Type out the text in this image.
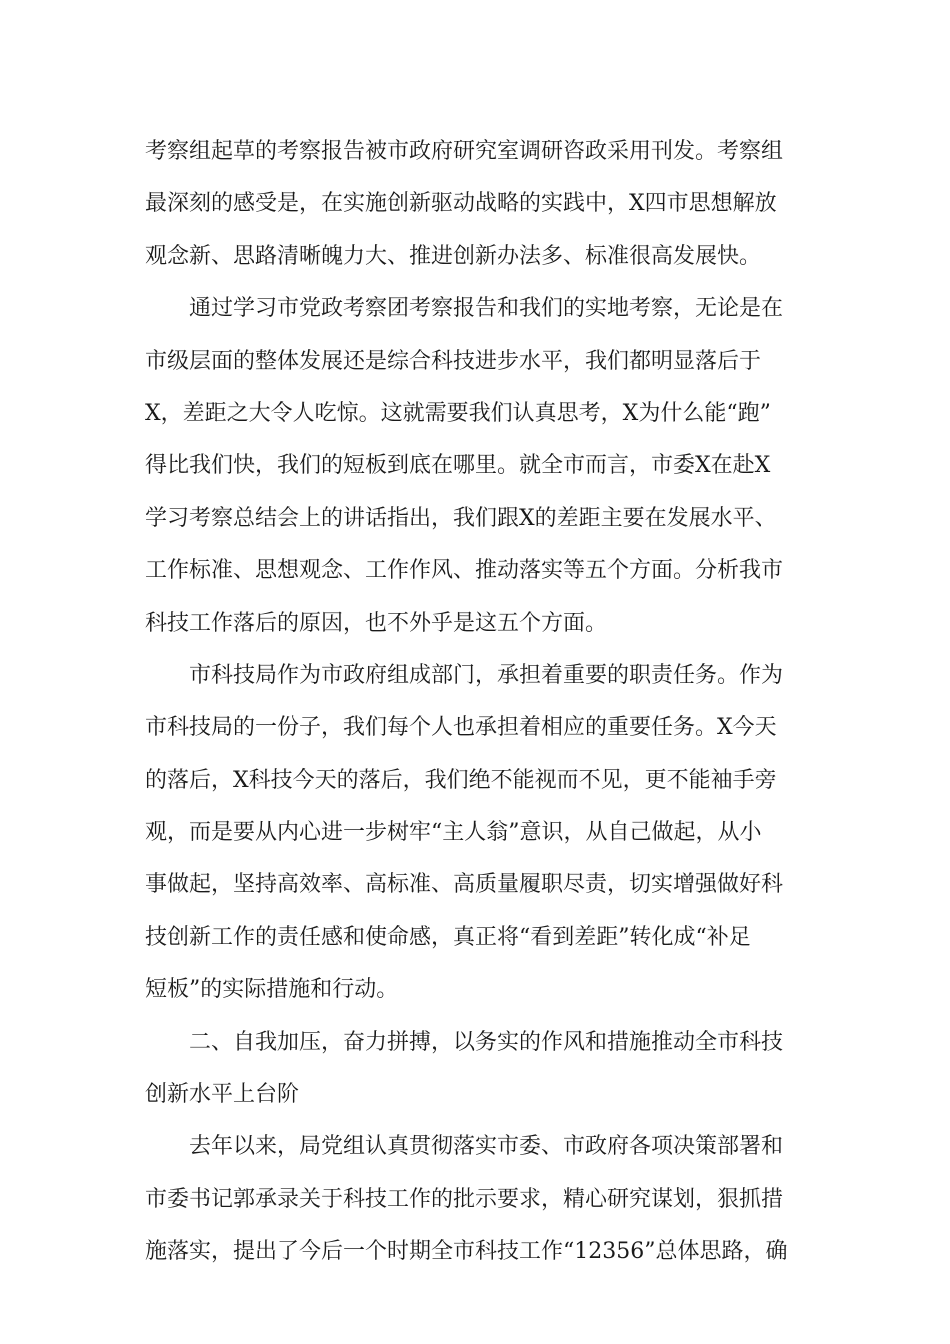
考察组起草的考察报告被市政府研究室调研咨政采用刊发。考察组
最深刻的感受是，在实施创新驱动战略的实践中，X四市思想解放
观念新、思路清晰魄力大、推进创新办法多、标准很高发展快。
通过学习市党政考察团考察报告和我们的实地考察，无论是在
市级层面的整体发展还是综合科技进步水平，我们都明显落后于
X，差距之大令人吃惊。这就需要我们认真思考，X为什么能“跑”
得比我们快，我们的短板到底在哪里。就全市而言，市委X在赴X
学习考察总结会上的讲话指出，我们跟X的差距主要在发展水平、
工作标准、思想观念、工作作风、推动落实等五个方面。分析我市
科技工作落后的原因，也不外乎是这五个方面。
市科技局作为市政府组成部门，承担着重要的职责任务。作为
市科技局的一份子，我们每个人也承担着相应的重要任务。X今天
的落后，X科技今天的落后，我们绝不能视而不见，更不能袖手旁
观，而是要从内心进一步树牢“主人翁”意识，从自己做起，从小
事做起，坚持高效率、高标准、高质量履职尽责，切实增强做好科
技创新工作的责任感和使命感，真正将“看到差距”转化成“补足
短板”的实际措施和行动。
二、自我加压，奋力拼搏，以务实的作风和措施推动全市科技
创新水平上台阶
去年以来，局党组认真贯彻落实市委、市政府各项决策部署和
市委书记郭承录关于科技工作的批示要求，精心研究谋划，狠抓措
施落实，提出了今后一个时期全市科技工作“12356”总体思路，确
